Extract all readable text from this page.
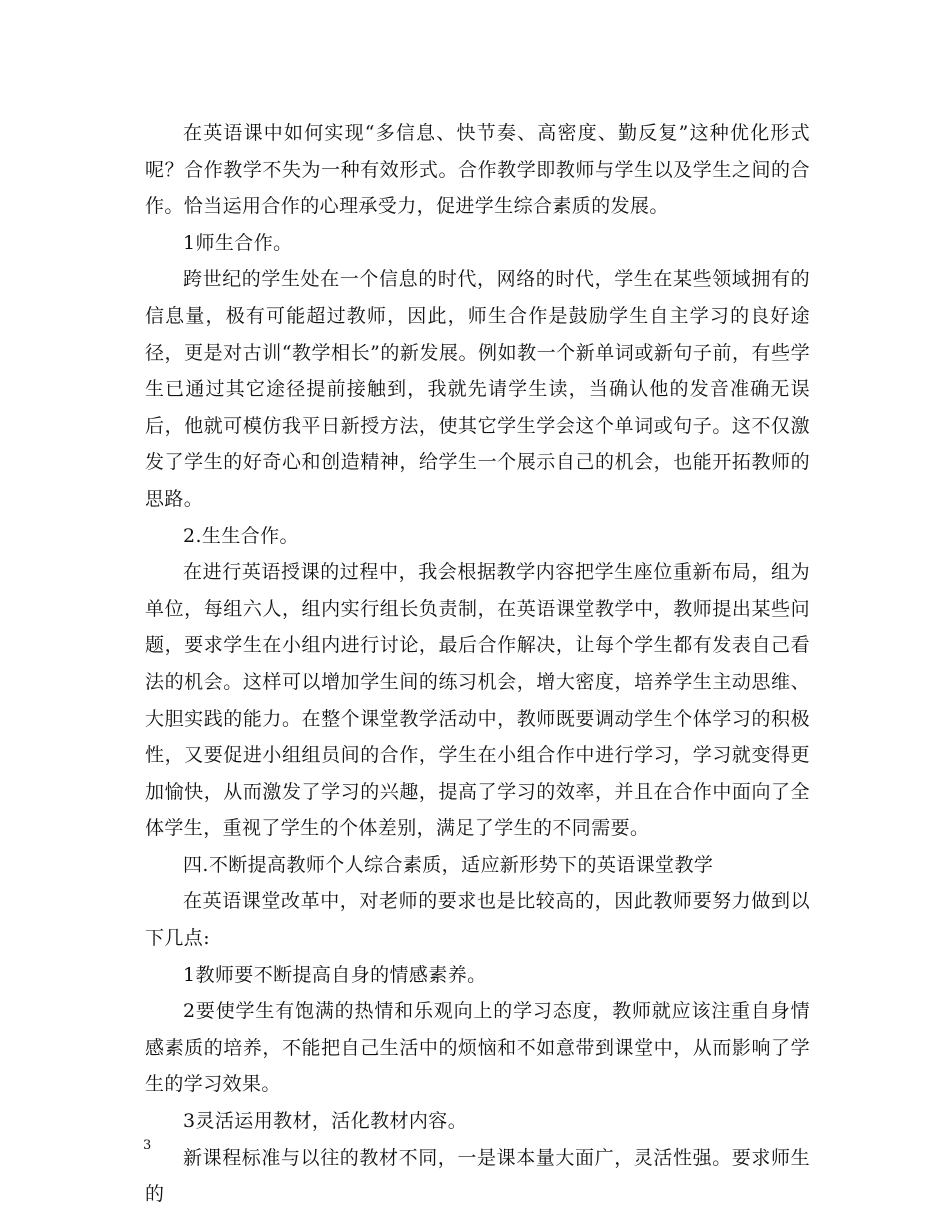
在英语课中如何实现“多信息、快节奏、高密度、勤反复”这种优化形式呢？合作教学不失为一种有效形式。合作教学即教师与学生以及学生之间的合作。恰当运用合作的心理承受力，促进学生综合素质的发展。

1师生合作。

跨世纪的学生处在一个信息的时代，网络的时代，学生在某些领域拥有的信息量，极有可能超过教师，因此，师生合作是鼓励学生自主学习的良好途径，更是对古训“教学相长”的新发展。例如教一个新单词或新句子前，有些学生已通过其它途径提前接触到，我就先请学生读，当确认他的发音准确无误后，他就可模仿我平日新授方法，使其它学生学会这个单词或句子。这不仅激发了学生的好奇心和创造精神，给学生一个展示自己的机会，也能开拓教师的思路。

2.生生合作。

在进行英语授课的过程中，我会根据教学内容把学生座位重新布局，组为单位，每组六人，组内实行组长负责制，在英语课堂教学中，教师提出某些问题，要求学生在小组内进行讨论，最后合作解决，让每个学生都有发表自己看法的机会。这样可以增加学生间的练习机会，增大密度，培养学生主动思维、大胆实践的能力。在整个课堂教学活动中，教师既要调动学生个体学习的积极性，又要促进小组组员间的合作，学生在小组合作中进行学习，学习就变得更加愉快，从而激发了学习的兴趣，提高了学习的效率，并且在合作中面向了全体学生，重视了学生的个体差别，满足了学生的不同需要。

四.不断提高教师个人综合素质，适应新形势下的英语课堂教学

在英语课堂改革中，对老师的要求也是比较高的，因此教师要努力做到以下几点:

1教师要不断提高自身的情感素养。

2要使学生有饱满的热情和乐观向上的学习态度，教师就应该注重自身情感素质的培养，不能把自己生活中的烦恼和不如意带到课堂中，从而影响了学生的学习效果。

3灵活运用教材，活化教材内容。

新课程标准与以往的教材不同，一是课本量大面广，灵活性强。要求师生的

3
